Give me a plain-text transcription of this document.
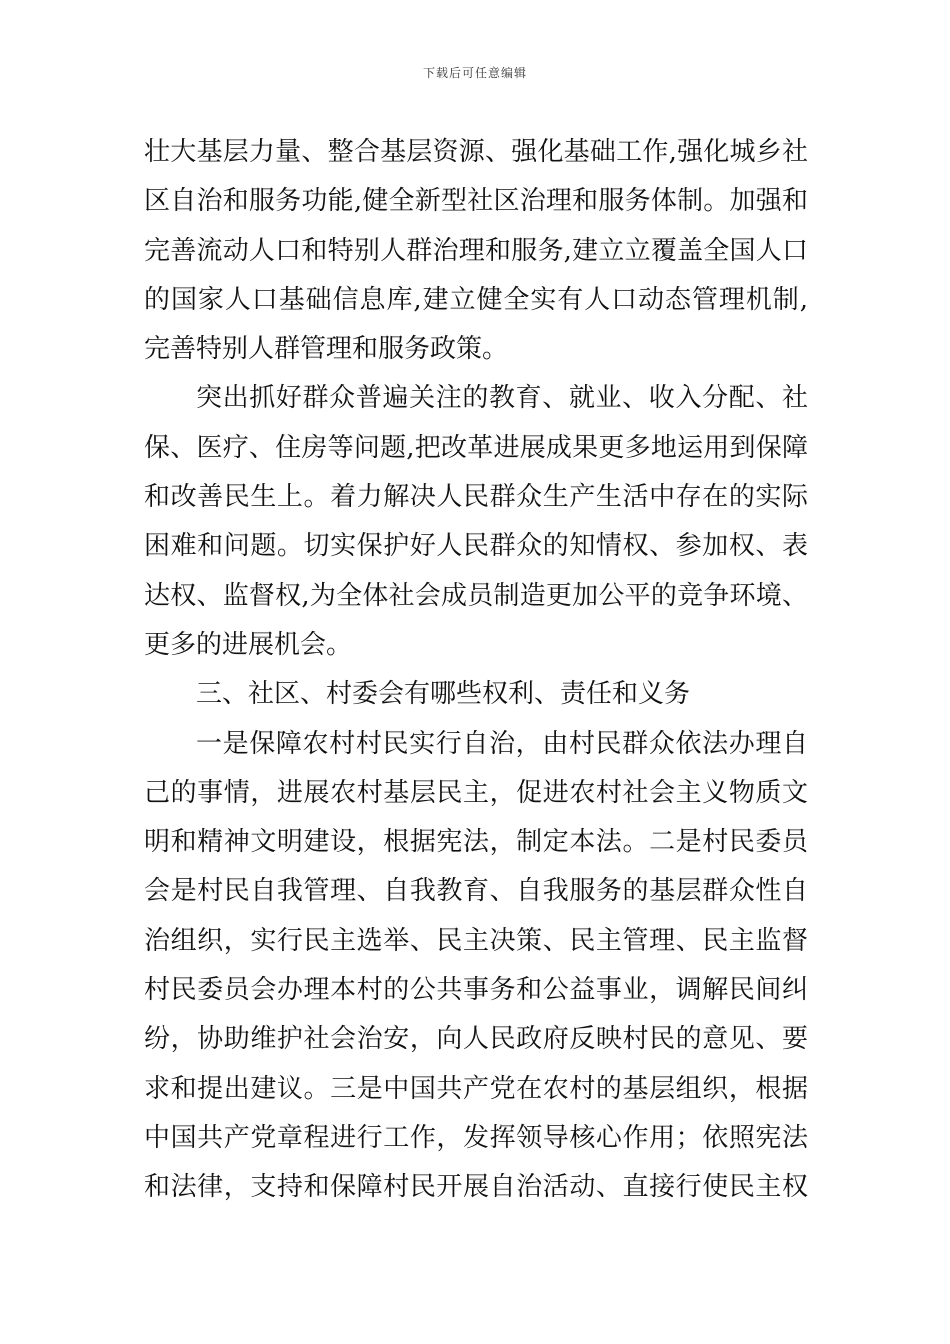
下载后可任意编辑
壮大基层力量、整合基层资源、强化基础工作,强化城乡社
区自治和服务功能,健全新型社区治理和服务体制。加强和
完善流动人口和特别人群治理和服务,建立立覆盖全国人口
的国家人口基础信息库,建立健全实有人口动态管理机制,
完善特别人群管理和服务政策。
突出抓好群众普遍关注的教育、就业、收入分配、社
保、医疗、住房等问题,把改革进展成果更多地运用到保障
和改善民生上。着力解决人民群众生产生活中存在的实际
困难和问题。切实保护好人民群众的知情权、参加权、表
达权、监督权,为全体社会成员制造更加公平的竞争环境、
更多的进展机会。
三、社区、村委会有哪些权利、责任和义务
一是保障农村村民实行自治，由村民群众依法办理自
己的事情，进展农村基层民主，促进农村社会主义物质文
明和精神文明建设，根据宪法，制定本法。二是村民委员
会是村民自我管理、自我教育、自我服务的基层群众性自
治组织，实行民主选举、民主决策、民主管理、民主监督
村民委员会办理本村的公共事务和公益事业，调解民间纠
纷，协助维护社会治安，向人民政府反映村民的意见、要
求和提出建议。三是中国共产党在农村的基层组织，根据
中国共产党章程进行工作，发挥领导核心作用；依照宪法
和法律，支持和保障村民开展自治活动、直接行使民主权
